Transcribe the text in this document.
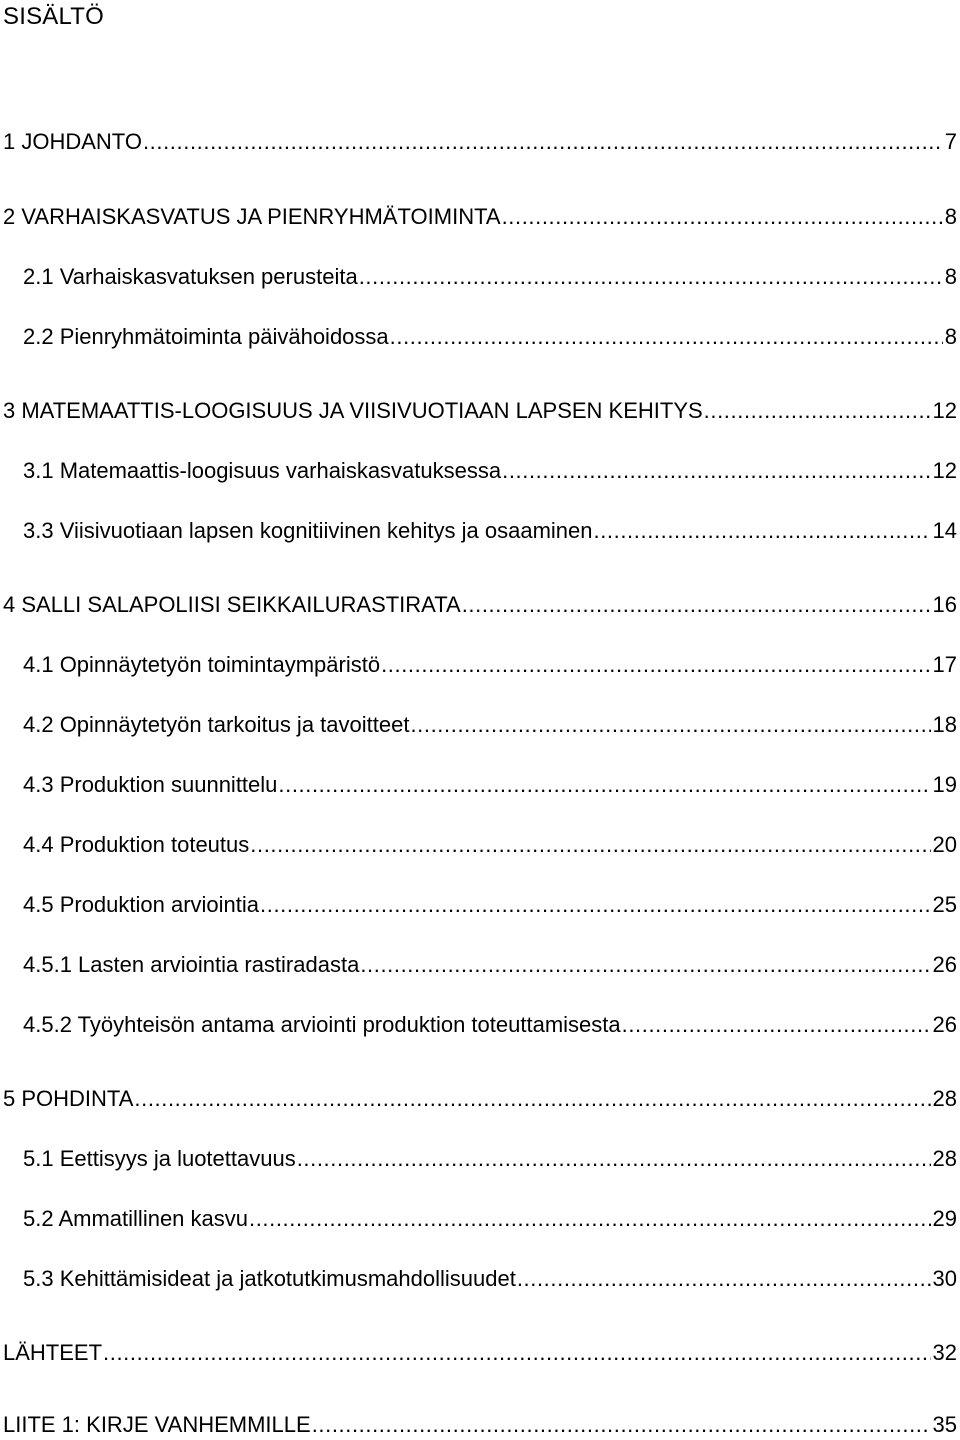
SISÄLTÖ
1 JOHDANTO .....	7
2 VARHAISKASVATUS JA PIENRYHMÄTOIMINTA .....	8
2.1 Varhaiskasvatuksen perusteita .....	8
2.2 Pienryhmätoiminta päivähoidossa .....	8
3 MATEMAATTIS-LOOGISUUS JA VIISIVUOTIAAN LAPSEN KEHITYS .....	12
3.1 Matemaattis-loogisuus varhaiskasvatuksessa .....	12
3.3 Viisivuotiaan lapsen kognitiivinen kehitys ja osaaminen .....	14
4 SALLI SALAPOLIISI SEIKKAILURASTIRATA .....	16
4.1 Opinnäytetyön toimintaympäristö .....	17
4.2 Opinnäytetyön tarkoitus ja tavoitteet .....	18
4.3 Produktion suunnittelu .....	19
4.4 Produktion toteutus .....	20
4.5 Produktion arviointia .....	25
4.5.1 Lasten arviointia rastiradasta .....	26
4.5.2 Työyhteisön antama arviointi produktion toteuttamisesta .....	26
5 POHDINTA .....	28
5.1 Eettisyys ja luotettavuus .....	28
5.2 Ammatillinen kasvu .....	29
5.3 Kehittämisideat ja jatkotutkimusmahdollisuudet .....	30
LÄHTEET .....	32
LIITE 1: KIRJE VANHEMMILLE .....	35
